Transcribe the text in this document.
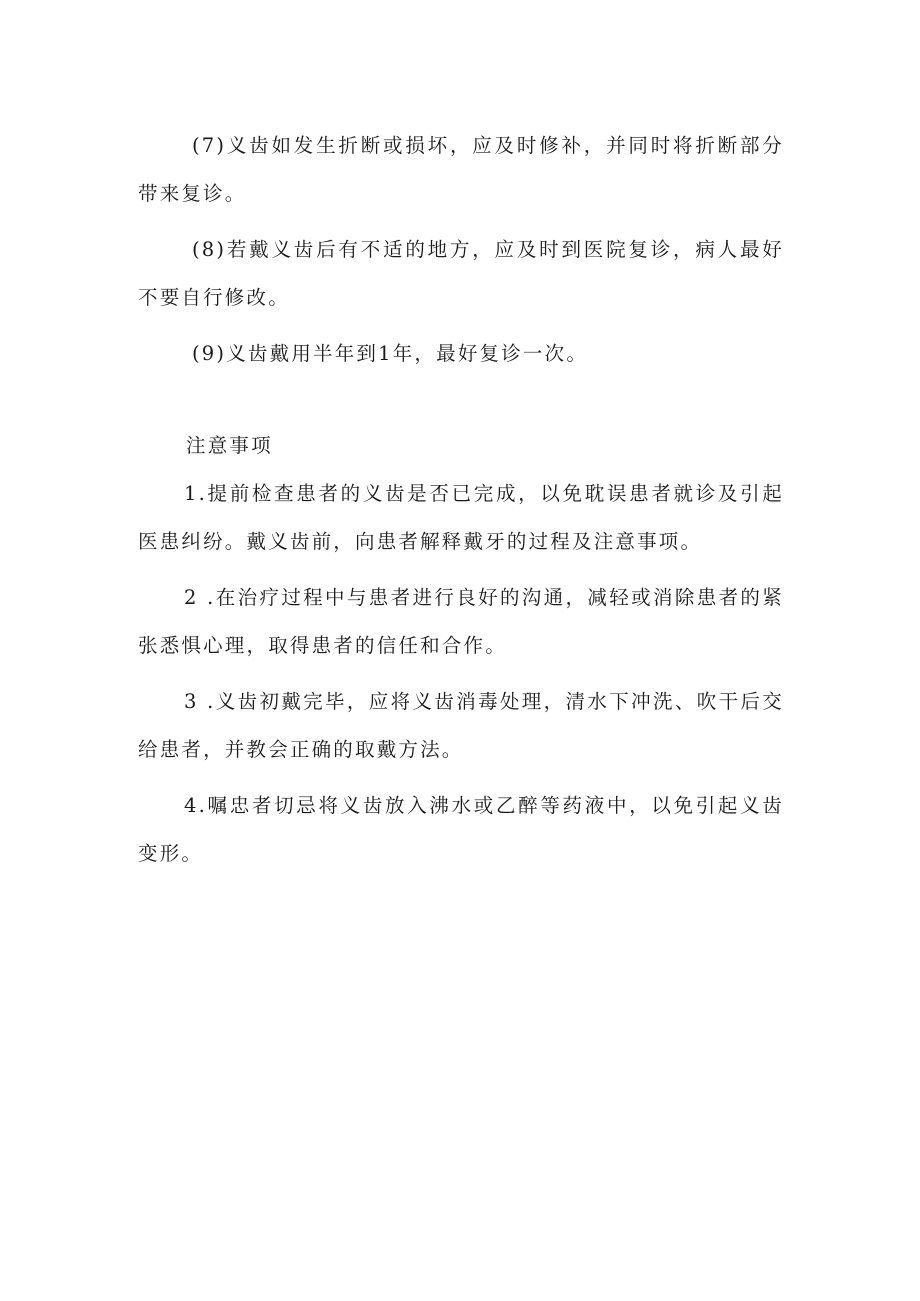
(7)义齿如发生折断或损坏，应及时修补，并同时将折断部分带来复诊。

(8)若戴义齿后有不适的地方，应及时到医院复诊，病人最好不要自行修改。

(9)义齿戴用半年到1年，最好复诊一次。

注意事项

1.提前检查患者的义齿是否已完成，以免耽误患者就诊及引起医患纠纷。戴义齿前，向患者解释戴牙的过程及注意事项。

2 .在治疗过程中与患者进行良好的沟通，减轻或消除患者的紧张悉惧心理，取得患者的信任和合作。

3 .义齿初戴完毕，应将义齿消毒处理，清水下冲洗、吹干后交给患者，并教会正确的取戴方法。

4.嘱忠者切忌将义齿放入沸水或乙醉等药液中，以免引起义齿变形。
